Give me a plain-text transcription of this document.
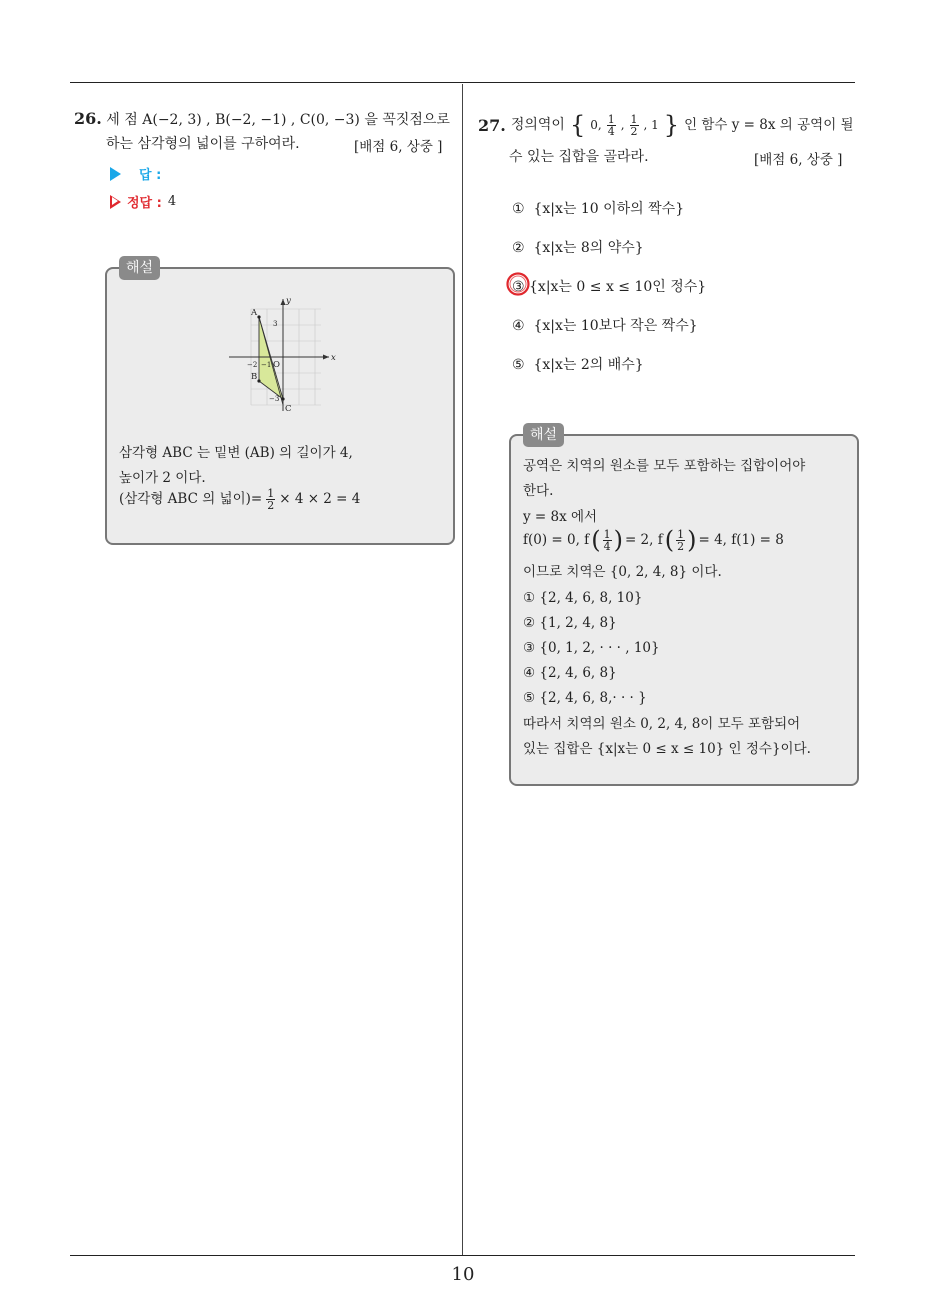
10
26. 세 점 A(−2, 3) , B(−2, −1) , C(0, −3) 을 꼭짓점으로
하는 삼각형의 넓이를 구하여라.	[배점 6, 상중 ]
답 :
정답 : 4
해설
A
B
C
O
x
y
3
−2 −1
−3
삼각형 ABC 는 밑변 (AB) 의 길이가 4,
높이가 2 이다.
(삼각형 ABC 의 넓이)= $\frac{1}{2} \times 4 \times 2 = 4$
27. 정의역이 { 0, $\frac{1}{4}$ , $\frac{1}{2}$ , 1 } 인 함수 y = 8x 의 공역이 될
수 있는 집합을 골라라.	[배점 6, 상중 ]
① {x|x는 10 이하의 짝수}
② {x|x는 8의 약수}
③ {x|x는 0 ≤ x ≤ 10인 정수}
④ {x|x는 10보다 작은 짝수}
⑤ {x|x는 2의 배수}
해설
공역은 치역의 원소를 모두 포함하는 집합이어야
한다.
y = 8x 에서
f(0) = 0, f ( $\frac{1}{4}$ ) = 2, f ( $\frac{1}{2}$ ) = 4, f(1) = 8
이므로 치역은 {0, 2, 4, 8} 이다.
① {2, 4, 6, 8, 10}
② {1, 2, 4, 8}
③ {0, 1, 2, · · · , 10}
④ {2, 4, 6, 8}
⑤ {2, 4, 6, 8,· · · }
따라서 치역의 원소 0, 2, 4, 8이 모두 포함되어
있는 집합은 {x|x는 0 ≤ x ≤ 10} 인 정수}이다.
